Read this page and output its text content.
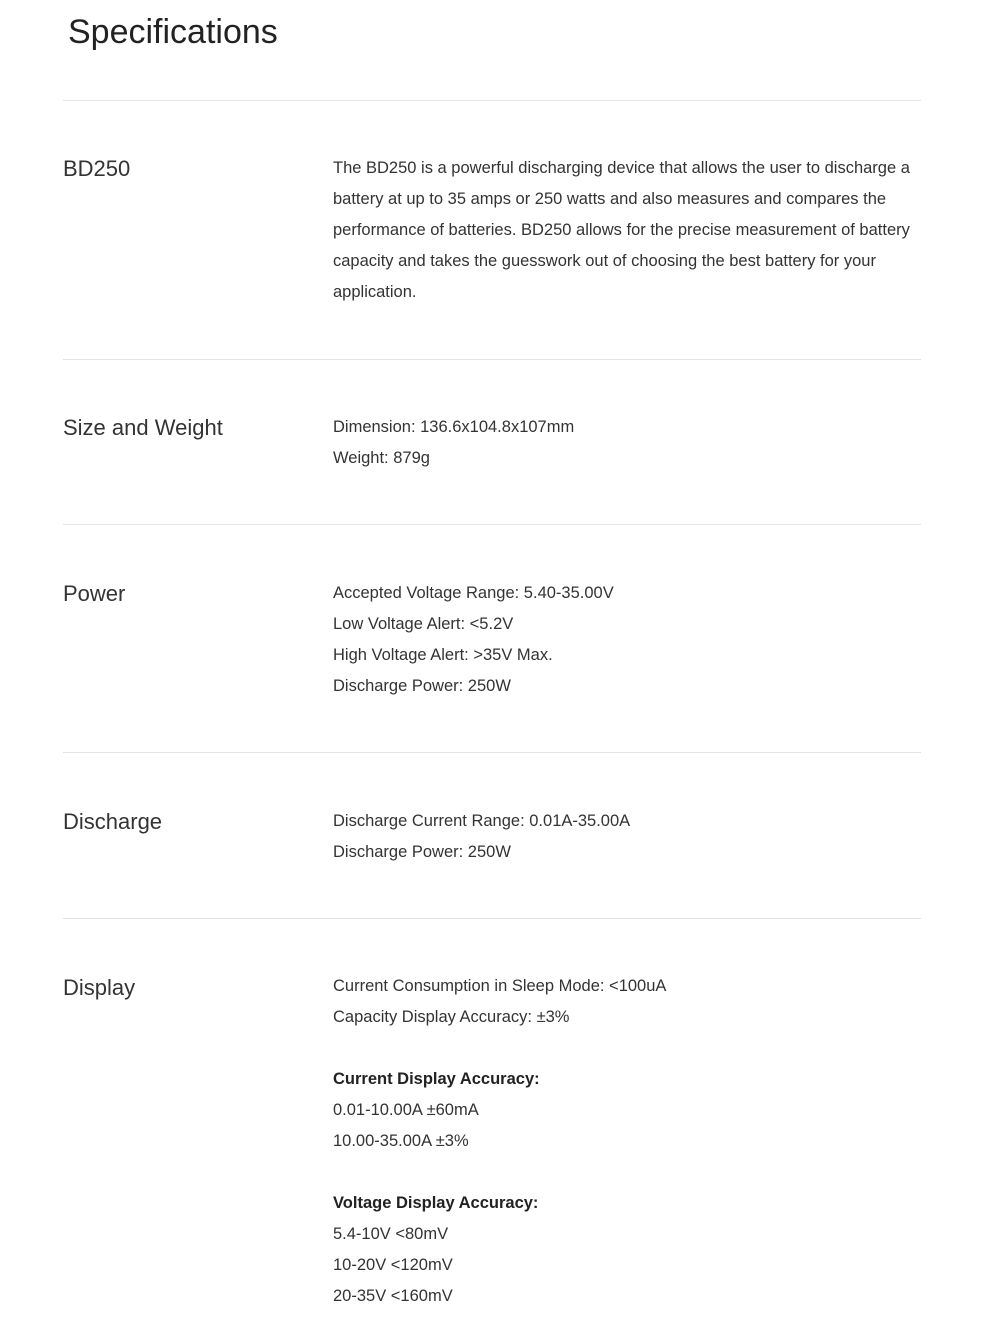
Specifications
BD250	The BD250 is a powerful discharging device that allows the user to discharge a battery at up to 35 amps or 250 watts and also measures and compares the performance of batteries. BD250 allows for the precise measurement of battery capacity and takes the guesswork out of choosing the best battery for your application.

Size and Weight	Dimension: 136.6x104.8x107mm
Weight: 879g
Power	Accepted Voltage Range: 5.40-35.00V
Low Voltage Alert: <5.2V
High Voltage Alert: >35V Max.
Discharge Power: 250W
Discharge	Discharge Current Range: 0.01A-35.00A
Discharge Power: 250W
Display	Current Consumption in Sleep Mode: <100uA
Capacity Display Accuracy: ±3%
Current Display Accuracy:
0.01-10.00A ±60mA
10.00-35.00A ±3%
Voltage Display Accuracy:
5.4-10V <80mV
10-20V <120mV
20-35V <160mV
